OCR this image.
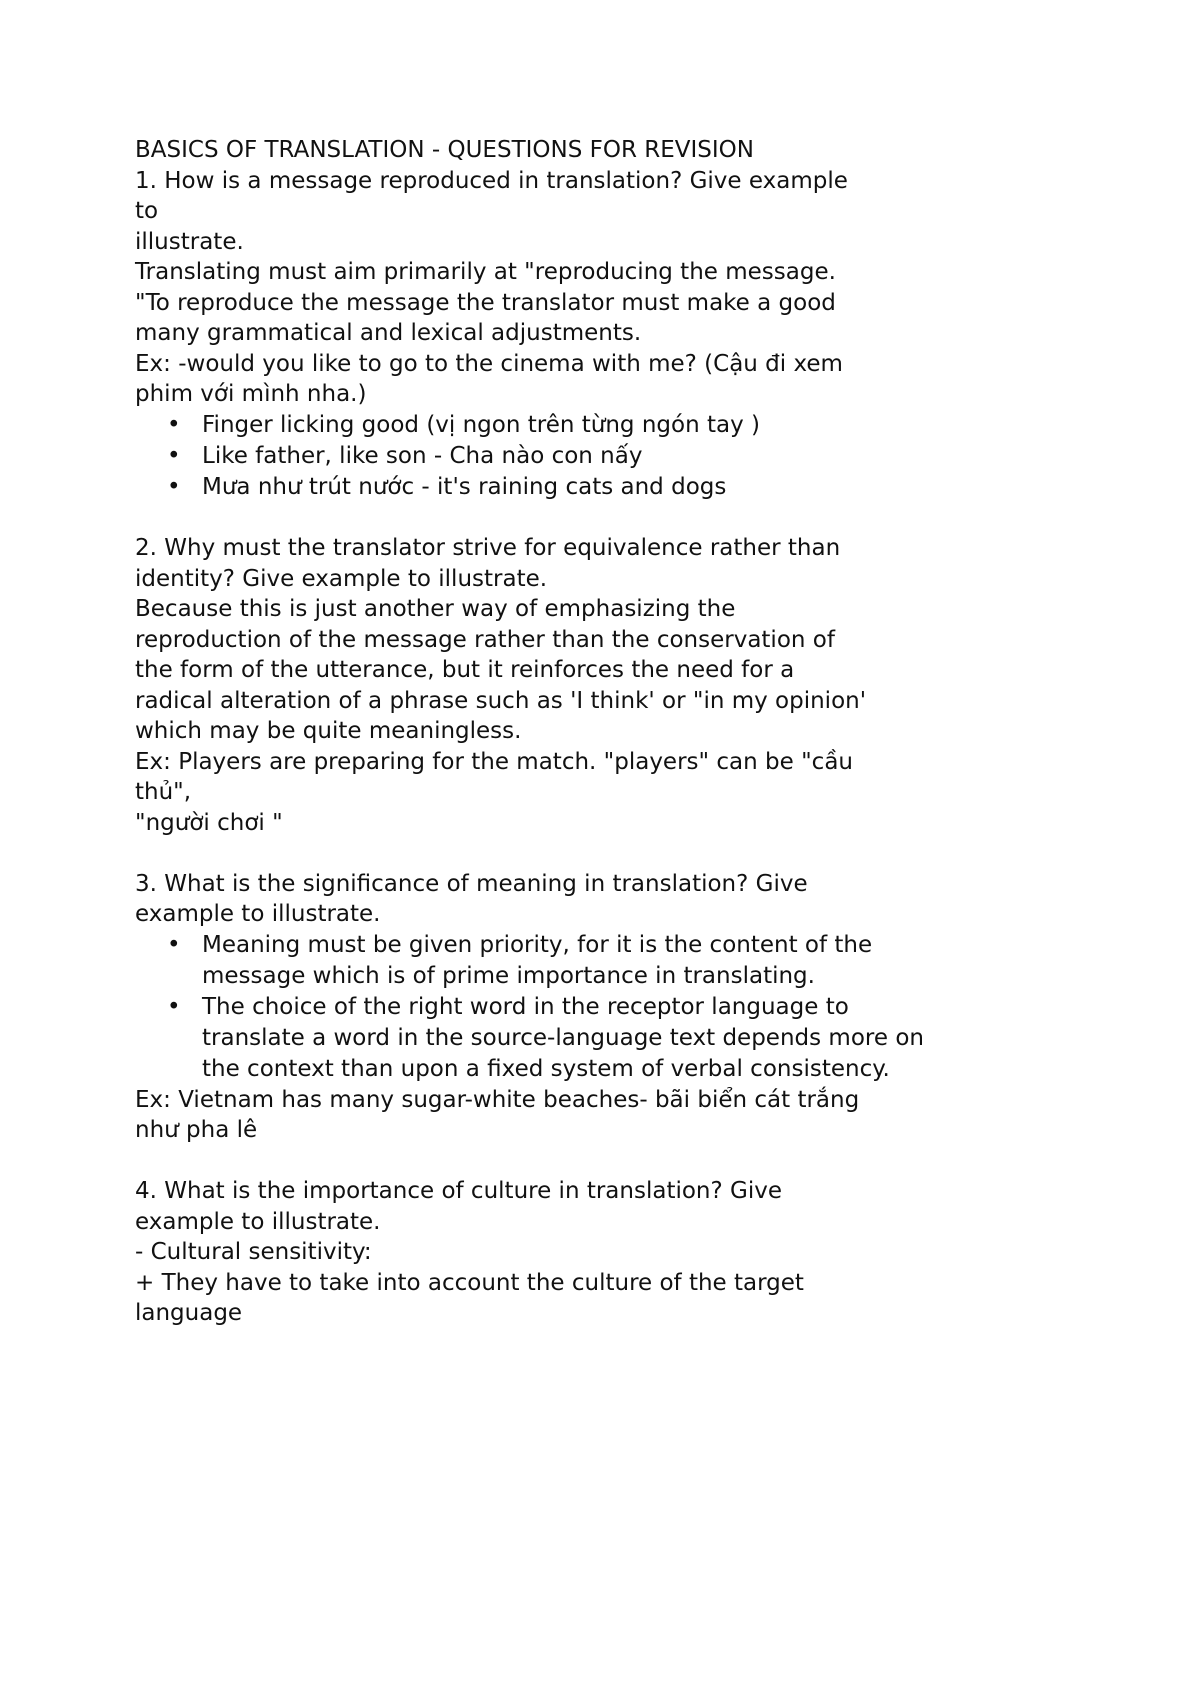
BASICS OF TRANSLATION - QUESTIONS FOR REVISION
1. How is a message reproduced in translation? Give example
to
illustrate.
Translating must aim primarily at "reproducing the message.
"To reproduce the message the translator must make a good
many grammatical and lexical adjustments.
Ex: -would you like to go to the cinema with me? (Cậu đi xem
phim với mình nha.)
• Finger licking good (vị ngon trên từng ngón tay )
• Like father, like son - Cha nào con nấy
• Mưa như trút nước - it's raining cats and dogs
2. Why must the translator strive for equivalence rather than
identity? Give example to illustrate.
Because this is just another way of emphasizing the
reproduction of the message rather than the conservation of
the form of the utterance, but it reinforces the need for a
radical alteration of a phrase such as 'I think' or "in my opinion'
which may be quite meaningless.
Ex: Players are preparing for the match. "players" can be "cầu
thủ",
"người chơi "
3. What is the significance of meaning in translation? Give
example to illustrate.
• Meaning must be given priority, for it is the content of the message which is of prime importance in translating.
• The choice of the right word in the receptor language to translate a word in the source-language text depends more on the context than upon a fixed system of verbal consistency.
Ex: Vietnam has many sugar-white beaches- bãi biển cát trắng
như pha lê
4. What is the importance of culture in translation? Give
example to illustrate.
- Cultural sensitivity:
+ They have to take into account the culture of the target
language
